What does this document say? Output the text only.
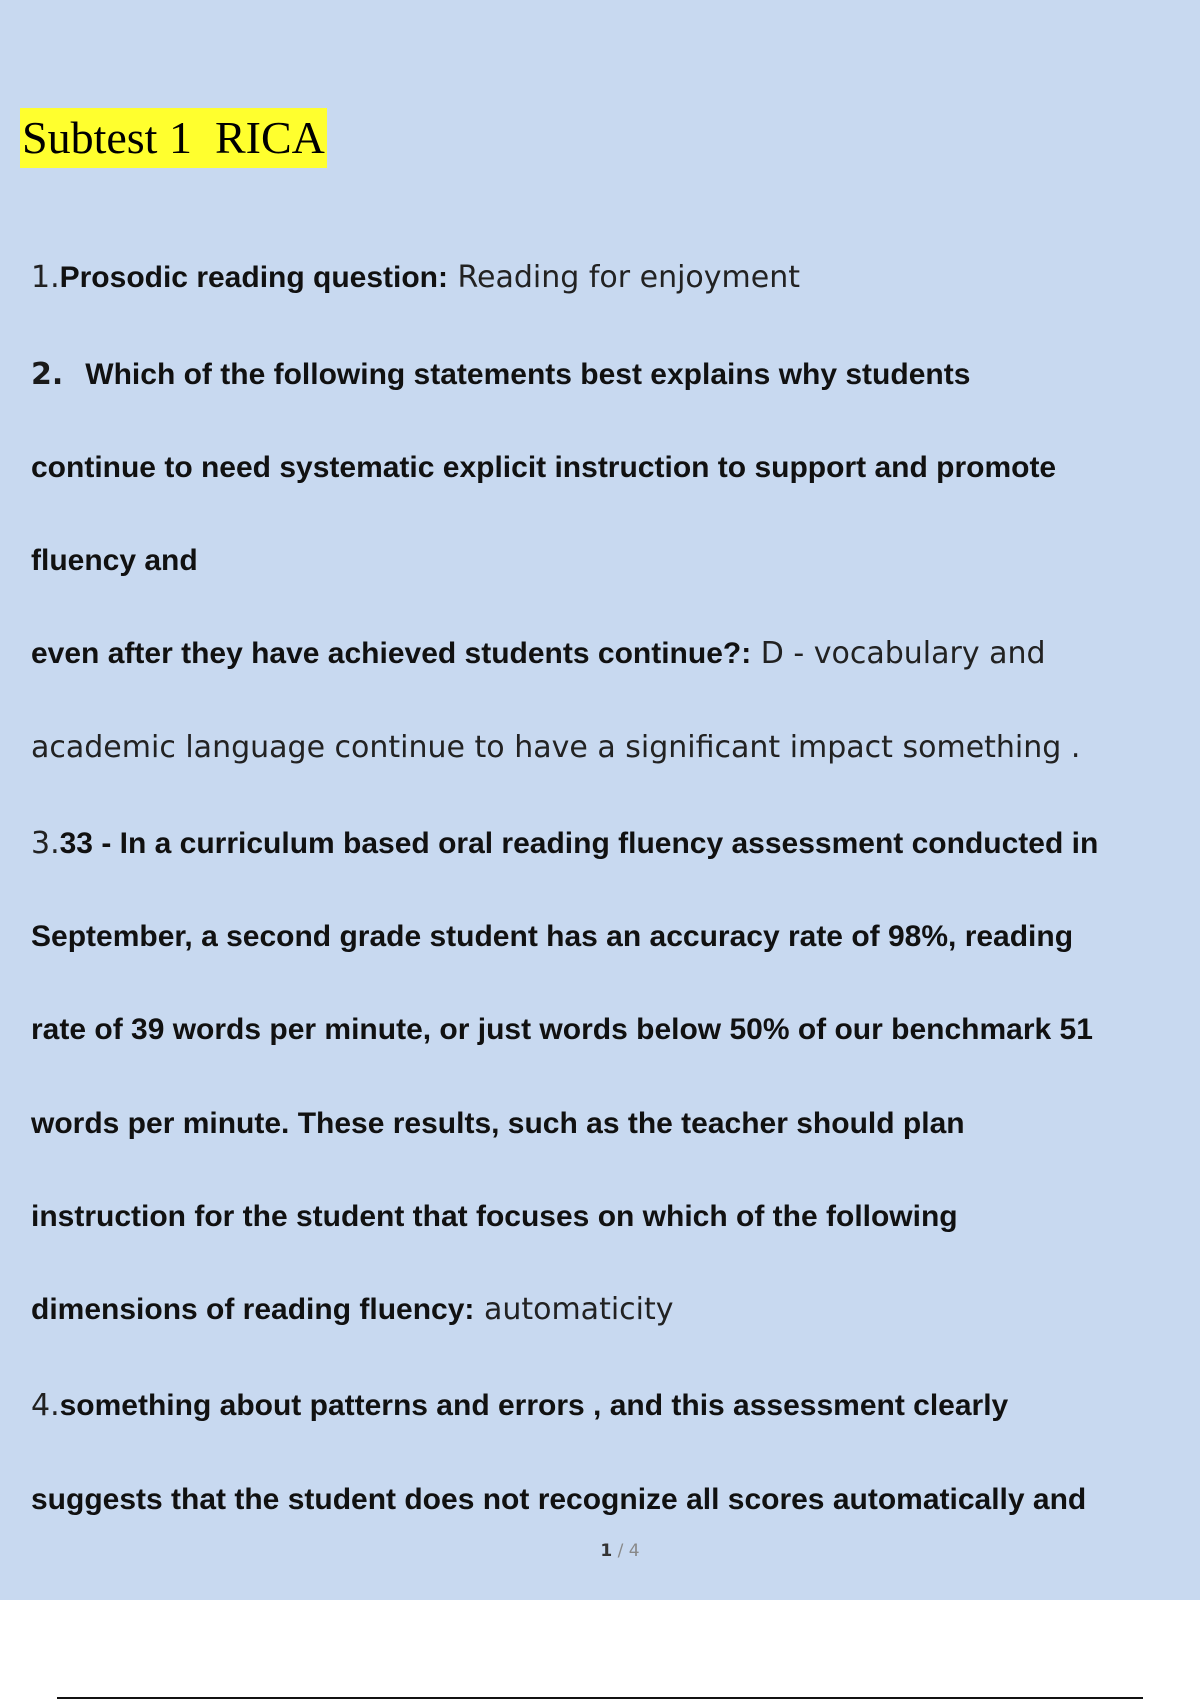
Subtest 1  RICA
1.Prosodic reading question: Reading for enjoyment
2. Which of the following statements best explains why students
continue to need systematic explicit instruction to support and promote
fluency and
even after they have achieved students continue?: D - vocabulary and
academic language continue to have a significant impact something .
3.33 - In a curriculum based oral reading fluency assessment conducted in
September, a second grade student has an accuracy rate of 98%, reading
rate of 39 words per minute, or just words below 50% of our benchmark 51
words per minute. These results, such as the teacher should plan
instruction for the student that focuses on which of the following
dimensions of reading fluency: automaticity
4.something about patterns and errors , and this assessment clearly
suggests that the student does not recognize all scores automatically and
1 / 4
